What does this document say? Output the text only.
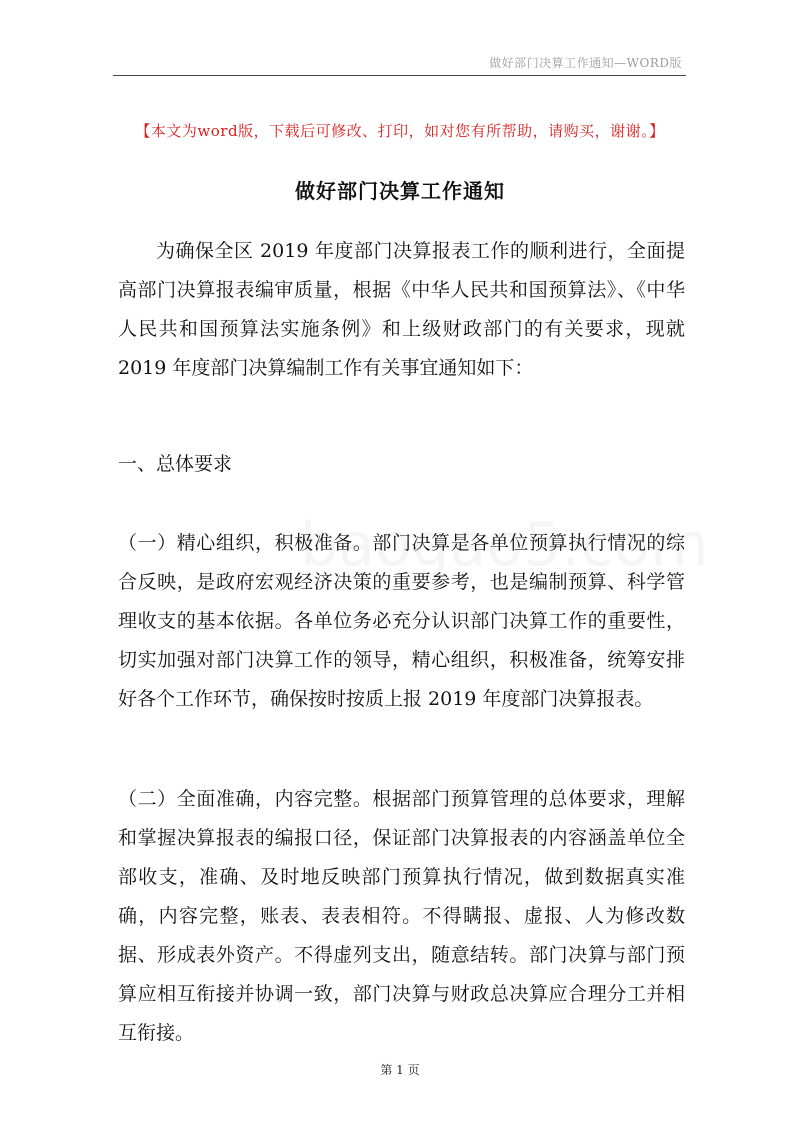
做好部门决算工作通知—WORD版
【本文为word版，下载后可修改、打印，如对您有所帮助，请购买，谢谢。】
做好部门决算工作通知
为确保全区 2019 年度部门决算报表工作的顺利进行，全面提高部门决算报表编审质量，根据《中华人民共和国预算法》、《中华人民共和国预算法实施条例》和上级财政部门的有关要求，现就 2019 年度部门决算编制工作有关事宜通知如下：
一、总体要求
（一）精心组织，积极准备。部门决算是各单位预算执行情况的综合反映，是政府宏观经济决策的重要参考，也是编制预算、科学管理收支的基本依据。各单位务必充分认识部门决算工作的重要性，切实加强对部门决算工作的领导，精心组织，积极准备，统筹安排好各个工作环节，确保按时按质上报 2019 年度部门决算报表。
（二）全面准确，内容完整。根据部门预算管理的总体要求，理解和掌握决算报表的编报口径，保证部门决算报表的内容涵盖单位全部收支，准确、及时地反映部门预算执行情况，做到数据真实准确，内容完整，账表、表表相符。不得瞒报、虚报、人为修改数据、形成表外资产。不得虚列支出，随意结转。部门决算与部门预算应相互衔接并协调一致，部门决算与财政总决算应合理分工并相互衔接。
第 1 页
